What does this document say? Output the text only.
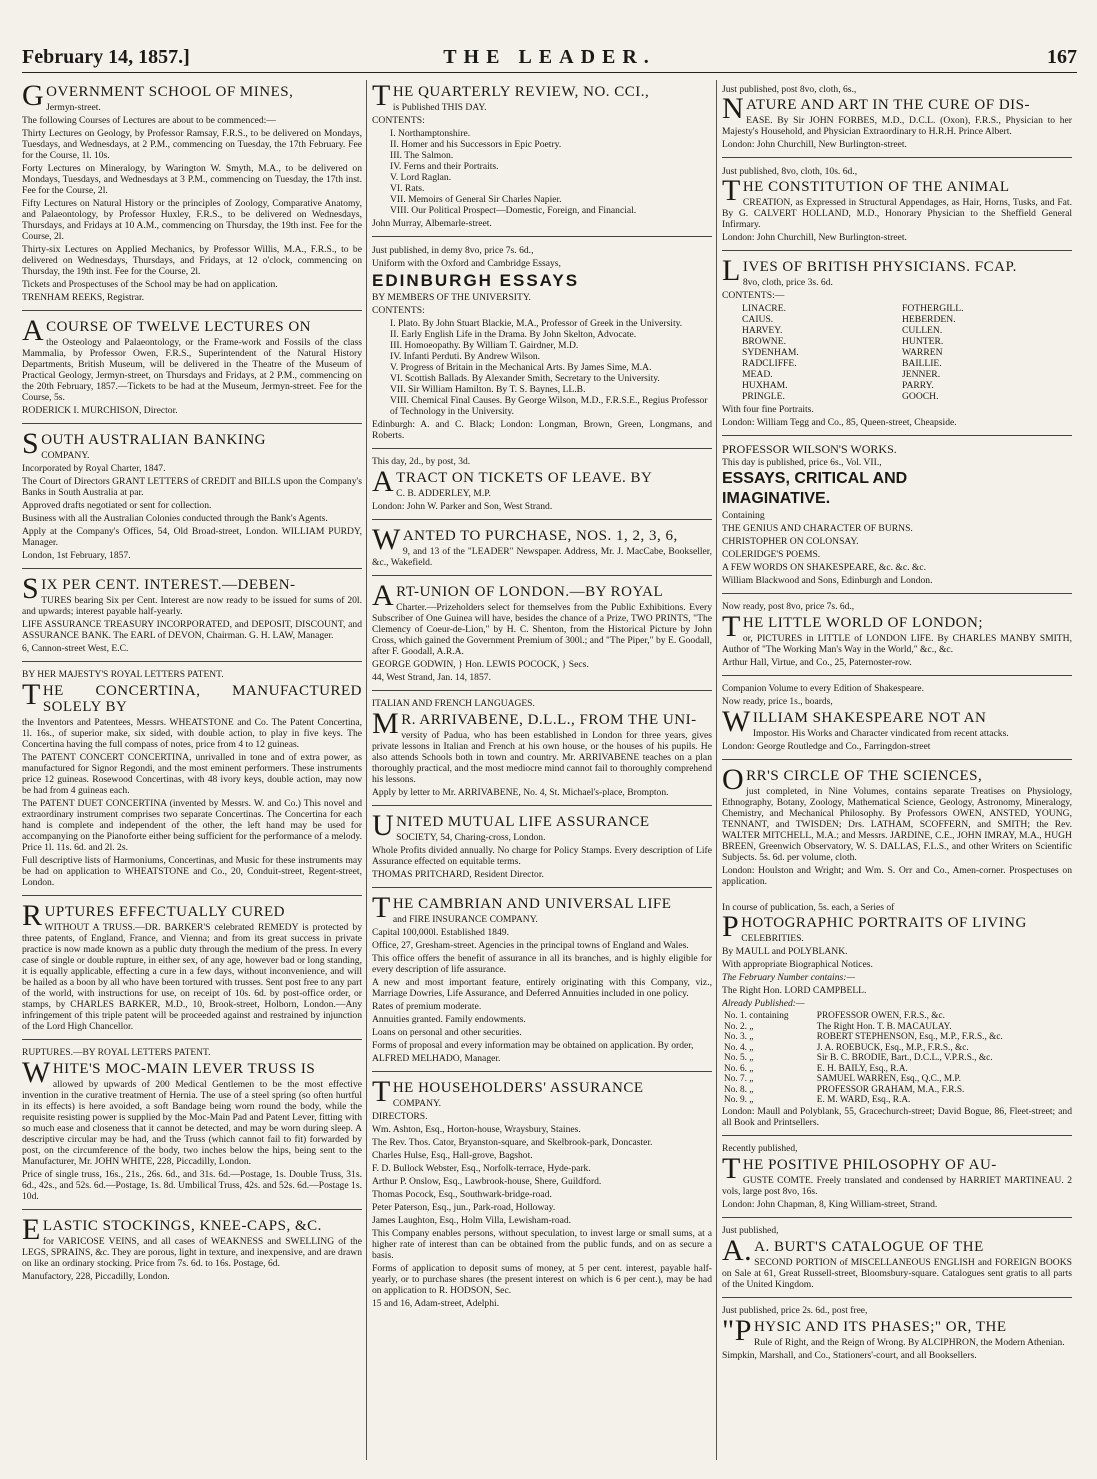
February 14, 1857.]	THE LEADER.	167

GOVERNMENT SCHOOL OF MINES,

Jermyn-street.

The following Courses of Lectures are about to be commenced:—

Thirty Lectures on Geology, by Professor Ramsay, F.R.S., to be delivered on Mondays, Tuesdays, and Wednesdays, at 2 P.M., commencing on Tuesday, the 17th February. Fee for the Course, 1l. 10s.

Forty Lectures on Mineralogy, by Warington W. Smyth, M.A., to be delivered on Mondays, Tuesdays, and Wednesdays at 3 P.M., commencing on Tuesday, the 17th inst. Fee for the Course, 2l.

Fifty Lectures on Natural History or the principles of Zoology, Comparative Anatomy, and Palaeontology, by Professor Huxley, F.R.S., to be delivered on Wednesdays, Thursdays, and Fridays at 10 A.M., commencing on Thursday, the 19th inst. Fee for the Course, 2l.

Thirty-six Lectures on Applied Mechanics, by Professor Willis, M.A., F.R.S., to be delivered on Wednesdays, Thursdays, and Fridays, at 12 o'clock, commencing on Thursday, the 19th inst. Fee for the Course, 2l.

Tickets and Prospectuses of the School may be had on application.

TRENHAM REEKS, Registrar.

ACOURSE OF TWELVE LECTURES ON

the Osteology and Palaeontology, or the Frame-work and Fossils of the class Mammalia, by Professor Owen, F.R.S., Superintendent of the Natural History Departments, British Museum, will be delivered in the Theatre of the Museum of Practical Geology, Jermyn-street, on Thursdays and Fridays, at 2 P.M., commencing on the 20th February, 1857.—Tickets to be had at the Museum, Jermyn-street. Fee for the Course, 5s.

RODERICK I. MURCHISON, Director.

SOUTH AUSTRALIAN BANKING

COMPANY.

Incorporated by Royal Charter, 1847.

The Court of Directors GRANT LETTERS of CREDIT and BILLS upon the Company's Banks in South Australia at par.

Approved drafts negotiated or sent for collection.

Business with all the Australian Colonies conducted through the Bank's Agents.

Apply at the Company's Offices, 54, Old Broad-street, London. WILLIAM PURDY, Manager.

London, 1st February, 1857.

SIX PER CENT. INTEREST.—DEBEN-

TURES bearing Six per Cent. Interest are now ready to be issued for sums of 20l. and upwards; interest payable half-yearly.

LIFE ASSURANCE TREASURY INCORPORATED, and DEPOSIT, DISCOUNT, and ASSURANCE BANK. The EARL of DEVON, Chairman. G. H. LAW, Manager.

6, Cannon-street West, E.C.

BY HER MAJESTY'S ROYAL LETTERS PATENT.

THE CONCERTINA, MANUFACTURED SOLELY BY

the Inventors and Patentees, Messrs. WHEATSTONE and Co. The Patent Concertina, 1l. 16s., of superior make, six sided, with double action, to play in five keys. The Concertina having the full compass of notes, price from 4 to 12 guineas.

The PATENT CONCERT CONCERTINA, unrivalled in tone and of extra power, as manufactured for Signor Regondi, and the most eminent performers. These instruments price 12 guineas. Rosewood Concertinas, with 48 ivory keys, double action, may now be had from 4 guineas each.

The PATENT DUET CONCERTINA (invented by Messrs. W. and Co.) This novel and extraordinary instrument comprises two separate Concertinas. The Concertina for each hand is complete and independent of the other, the left hand may be used for accompanying on the Pianoforte either being sufficient for the performance of a melody. Price 1l. 11s. 6d. and 2l. 2s.

Full descriptive lists of Harmoniums, Concertinas, and Music for these instruments may be had on application to WHEATSTONE and Co., 20, Conduit-street, Regent-street, London.

RUPTURES EFFECTUALLY CURED

WITHOUT A TRUSS.—DR. BARKER'S celebrated REMEDY is protected by three patents, of England, France, and Vienna; and from its great success in private practice is now made known as a public duty through the medium of the press. In every case of single or double rupture, in either sex, of any age, however bad or long standing, it is equally applicable, effecting a cure in a few days, without inconvenience, and will be hailed as a boon by all who have been tortured with trusses. Sent post free to any part of the world, with instructions for use, on receipt of 10s. 6d. by post-office order, or stamps, by CHARLES BARKER, M.D., 10, Brook-street, Holborn, London.—Any infringement of this triple patent will be proceeded against and restrained by injunction of the Lord High Chancellor.

RUPTURES.—BY ROYAL LETTERS PATENT.

WHITE'S MOC-MAIN LEVER TRUSS IS

allowed by upwards of 200 Medical Gentlemen to be the most effective invention in the curative treatment of Hernia. The use of a steel spring (so often hurtful in its effects) is here avoided, a soft Bandage being worn round the body, while the requisite resisting power is supplied by the Moc-Main Pad and Patent Lever, fitting with so much ease and closeness that it cannot be detected, and may be worn during sleep. A descriptive circular may be had, and the Truss (which cannot fail to fit) forwarded by post, on the circumference of the body, two inches below the hips, being sent to the Manufacturer, Mr. JOHN WHITE, 228, Piccadilly, London.

Price of single truss, 16s., 21s., 26s. 6d., and 31s. 6d.—Postage, 1s. Double Truss, 31s. 6d., 42s., and 52s. 6d.—Postage, 1s. 8d. Umbilical Truss, 42s. and 52s. 6d.—Postage 1s. 10d.

ELASTIC STOCKINGS, KNEE-CAPS, &C.

for VARICOSE VEINS, and all cases of WEAKNESS and SWELLING of the LEGS, SPRAINS, &c. They are porous, light in texture, and inexpensive, and are drawn on like an ordinary stocking. Price from 7s. 6d. to 16s. Postage, 6d.

Manufactory, 228, Piccadilly, London.

THE QUARTERLY REVIEW, NO. CCI.,

is Published THIS DAY.

CONTENTS:

I. Northamptonshire.
II. Homer and his Successors in Epic Poetry.
III. The Salmon.
IV. Ferns and their Portraits.
V. Lord Raglan.
VI. Rats.
VII. Memoirs of General Sir Charles Napier.
VIII. Our Political Prospect—Domestic, Foreign, and Financial.

John Murray, Albemarle-street.

Just published, in demy 8vo, price 7s. 6d.,

Uniform with the Oxford and Cambridge Essays,

EDINBURGH ESSAYS

BY MEMBERS OF THE UNIVERSITY.

CONTENTS:

I. Plato. By John Stuart Blackie, M.A., Professor of Greek in the University.
II. Early English Life in the Drama. By John Skelton, Advocate.
III. Homoeopathy. By William T. Gairdner, M.D.
IV. Infanti Perduti. By Andrew Wilson.
V. Progress of Britain in the Mechanical Arts. By James Sime, M.A.
VI. Scottish Ballads. By Alexander Smith, Secretary to the University.
VII. Sir William Hamilton. By T. S. Baynes, LL.B.
VIII. Chemical Final Causes. By George Wilson, M.D., F.R.S.E., Regius Professor of Technology in the University.

Edinburgh: A. and C. Black; London: Longman, Brown, Green, Longmans, and Roberts.

This day, 2d., by post, 3d.

ATRACT ON TICKETS OF LEAVE. BY

C. B. ADDERLEY, M.P.

London: John W. Parker and Son, West Strand.

WANTED TO PURCHASE, NOS. 1, 2, 3, 6,

9, and 13 of the "LEADER" Newspaper. Address, Mr. J. MacCabe, Bookseller, &c., Wakefield.

ART-UNION OF LONDON.—BY ROYAL

Charter.—Prizeholders select for themselves from the Public Exhibitions. Every Subscriber of One Guinea will have, besides the chance of a Prize, TWO PRINTS, "The Clemency of Coeur-de-Lion," by H. C. Shenton, from the Historical Picture by John Cross, which gained the Government Premium of 300l.; and "The Piper," by E. Goodall, after F. Goodall, A.R.A.

GEORGE GODWIN, } Hon. LEWIS POCOCK, } Secs.

44, West Strand, Jan. 14, 1857.

ITALIAN AND FRENCH LANGUAGES.

MR. ARRIVABENE, D.L.L., FROM THE UNI-

versity of Padua, who has been established in London for three years, gives private lessons in Italian and French at his own house, or the houses of his pupils. He also attends Schools both in town and country. Mr. ARRIVABENE teaches on a plan thoroughly practical, and the most mediocre mind cannot fail to thoroughly comprehend his lessons.

Apply by letter to Mr. ARRIVABENE, No. 4, St. Michael's-place, Brompton.

UNITED MUTUAL LIFE ASSURANCE

SOCIETY, 54, Charing-cross, London.

Whole Profits divided annually. No charge for Policy Stamps. Every description of Life Assurance effected on equitable terms.

THOMAS PRITCHARD, Resident Director.

THE CAMBRIAN AND UNIVERSAL LIFE

and FIRE INSURANCE COMPANY.

Capital 100,000l. Established 1849.

Office, 27, Gresham-street. Agencies in the principal towns of England and Wales.

This office offers the benefit of assurance in all its branches, and is highly eligible for every description of life assurance.

A new and most important feature, entirely originating with this Company, viz., Marriage Dowries, Life Assurance, and Deferred Annuities included in one policy.

Rates of premium moderate.

Annuities granted. Family endowments.

Loans on personal and other securities.

Forms of proposal and every information may be obtained on application. By order,

ALFRED MELHADO, Manager.

THE HOUSEHOLDERS' ASSURANCE

COMPANY.

DIRECTORS.

Wm. Ashton, Esq., Horton-house, Wraysbury, Staines.

The Rev. Thos. Cator, Bryanston-square, and Skelbrook-park, Doncaster.

Charles Hulse, Esq., Hall-grove, Bagshot.

F. D. Bullock Webster, Esq., Norfolk-terrace, Hyde-park.

Arthur P. Onslow, Esq., Lawbrook-house, Shere, Guildford.

Thomas Pocock, Esq., Southwark-bridge-road.

Peter Paterson, Esq., jun., Park-road, Holloway.

James Laughton, Esq., Holm Villa, Lewisham-road.

This Company enables persons, without speculation, to invest large or small sums, at a higher rate of interest than can be obtained from the public funds, and on as secure a basis.

Forms of application to deposit sums of money, at 5 per cent. interest, payable half-yearly, or to purchase shares (the present interest on which is 6 per cent.), may be had on application to R. HODSON, Sec.

15 and 16, Adam-street, Adelphi.

Just published, post 8vo, cloth, 6s.,

NATURE AND ART IN THE CURE OF DIS-

EASE. By Sir JOHN FORBES, M.D., D.C.L. (Oxon), F.R.S., Physician to her Majesty's Household, and Physician Extraordinary to H.R.H. Prince Albert.

London: John Churchill, New Burlington-street.

Just published, 8vo, cloth, 10s. 6d.,

THE CONSTITUTION OF THE ANIMAL

CREATION, as Expressed in Structural Appendages, as Hair, Horns, Tusks, and Fat. By G. CALVERT HOLLAND, M.D., Honorary Physician to the Sheffield General Infirmary.

London: John Churchill, New Burlington-street.

LIVES OF BRITISH PHYSICIANS. FCAP.

8vo, cloth, price 3s. 6d.

CONTENTS:—

LINACRE.	FOTHERGILL.
CAIUS.	HEBERDEN.
HARVEY.	CULLEN.
BROWNE.	HUNTER.
SYDENHAM.	WARREN
RADCLIFFE.	BAILLIE.
MEAD.	JENNER.
HUXHAM.	PARRY.
PRINGLE.	GOOCH.

With four fine Portraits.

London: William Tegg and Co., 85, Queen-street, Cheapside.

PROFESSOR WILSON'S WORKS.

This day is published, price 6s., Vol. VII.,

ESSAYS, CRITICAL AND

IMAGINATIVE.

Containing

THE GENIUS AND CHARACTER OF BURNS.

CHRISTOPHER ON COLONSAY.

COLERIDGE'S POEMS.

A FEW WORDS ON SHAKESPEARE, &c. &c. &c.

William Blackwood and Sons, Edinburgh and London.

Now ready, post 8vo, price 7s. 6d.,

THE LITTLE WORLD OF LONDON;

or, PICTURES in LITTLE of LONDON LIFE. By CHARLES MANBY SMITH, Author of "The Working Man's Way in the World," &c., &c.

Arthur Hall, Virtue, and Co., 25, Paternoster-row.

Companion Volume to every Edition of Shakespeare.

Now ready, price 1s., boards,

WILLIAM SHAKESPEARE NOT AN

Impostor. His Works and Character vindicated from recent attacks.

London: George Routledge and Co., Farringdon-street

ORR'S CIRCLE OF THE SCIENCES,

just completed, in Nine Volumes, contains separate Treatises on Physiology, Ethnography, Botany, Zoology, Mathematical Science, Geology, Astronomy, Mineralogy, Chemistry, and Mechanical Philosophy. By Professors OWEN, ANSTED, YOUNG, TENNANT, and TWISDEN; Drs. LATHAM, SCOFFERN, and SMITH; the Rev. WALTER MITCHELL, M.A.; and Messrs. JARDINE, C.E., JOHN IMRAY, M.A., HUGH BREEN, Greenwich Observatory, W. S. DALLAS, F.L.S., and other Writers on Scientific Subjects. 5s. 6d. per volume, cloth.

London: Houlston and Wright; and Wm. S. Orr and Co., Amen-corner. Prospectuses on application.

In course of publication, 5s. each, a Series of

PHOTOGRAPHIC PORTRAITS OF LIVING

CELEBRITIES.

By MAULL and POLYBLANK.

With appropriate Biographical Notices.

The February Number contains:—

The Right Hon. LORD CAMPBELL.

Already Published:—

No. 1. containing	PROFESSOR OWEN, F.R.S., &c.
No. 2. „	The Right Hon. T. B. MACAULAY.
No. 3. „	ROBERT STEPHENSON, Esq., M.P., F.R.S., &c.
No. 4. „	J. A. ROEBUCK, Esq., M.P., F.R.S., &c.
No. 5. „	Sir B. C. BRODIE, Bart., D.C.L., V.P.R.S., &c.
No. 6. „	E. H. BAILY, Esq., R.A.
No. 7. „	SAMUEL WARREN, Esq., Q.C., M.P.
No. 8. „	PROFESSOR GRAHAM, M.A., F.R.S.
No. 9. „	E. M. WARD, Esq., R.A.

London: Maull and Polyblank, 55, Gracechurch-street; David Bogue, 86, Fleet-street; and all Book and Printsellers.

Recently published,

THE POSITIVE PHILOSOPHY OF AU-

GUSTE COMTE. Freely translated and condensed by HARRIET MARTINEAU. 2 vols, large post 8vo, 16s.

London: John Chapman, 8, King William-street, Strand.

Just published,

A.A. BURT'S CATALOGUE OF THE

SECOND PORTION of MISCELLANEOUS ENGLISH and FOREIGN BOOKS on Sale at 61, Great Russell-street, Bloomsbury-square. Catalogues sent gratis to all parts of the United Kingdom.

Just published, price 2s. 6d., post free,

"PHYSIC AND ITS PHASES;" OR, THE

Rule of Right, and the Reign of Wrong. By ALCIPHRON, the Modern Athenian.

Simpkin, Marshall, and Co., Stationers'-court, and all Booksellers.
